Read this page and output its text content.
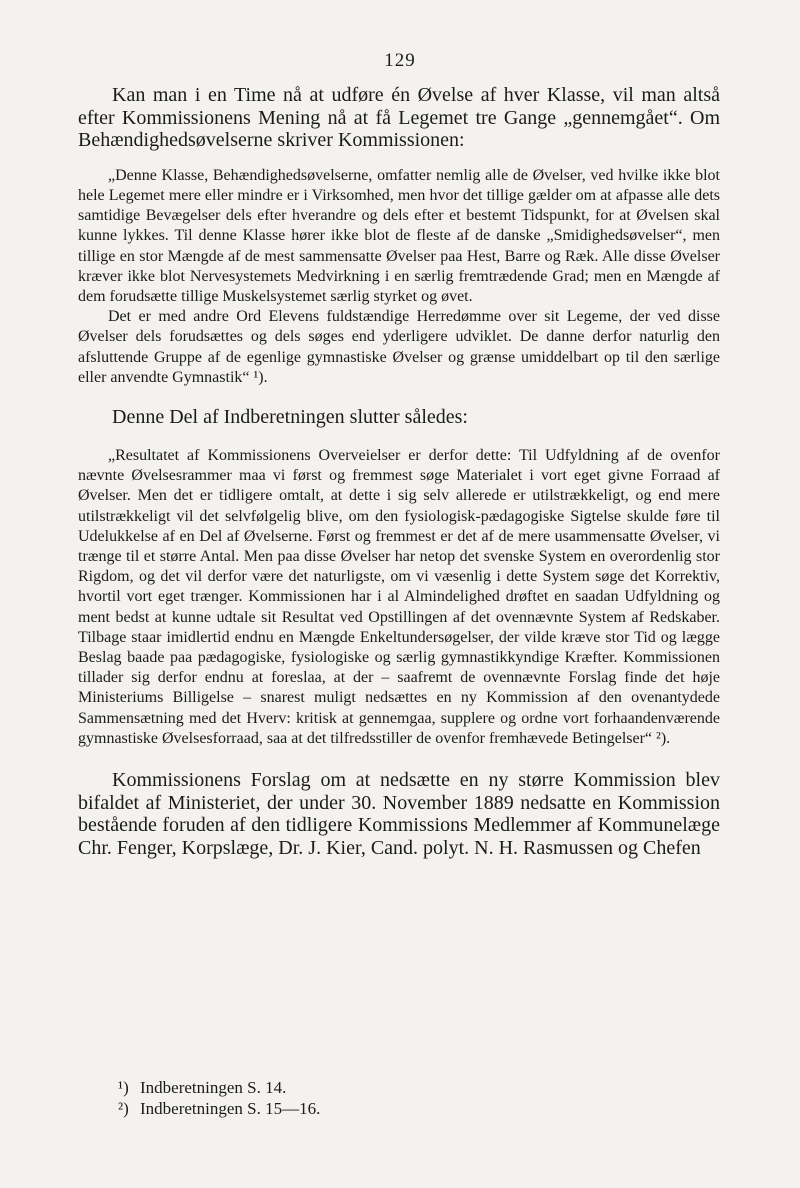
129

Kan man i en Time nå at udføre én Øvelse af hver Klasse, vil man altså efter Kommissionens Mening nå at få Legemet tre Gange „gennemgået“. Om Behændighedsøvelserne skriver Kommissionen:

„Denne Klasse, Behændighedsøvelserne, omfatter nemlig alle de Øvelser, ved hvilke ikke blot hele Legemet mere eller mindre er i Virksomhed, men hvor det tillige gælder om at afpasse alle dets samtidige Bevægelser dels efter hverandre og dels efter et bestemt Tidspunkt, for at Øvelsen skal kunne lykkes. Til denne Klasse hører ikke blot de fleste af de danske „Smidighedsøvelser“, men tillige en stor Mængde af de mest sammensatte Øvelser paa Hest, Barre og Ræk. Alle disse Øvelser kræver ikke blot Nervesystemets Medvirkning i en særlig fremtrædende Grad; men en Mængde af dem forudsætte tillige Muskelsystemet særlig styrket og øvet.

Det er med andre Ord Elevens fuldstændige Herredømme over sit Legeme, der ved disse Øvelser dels forudsættes og dels søges end yderligere udviklet. De danne derfor naturlig den afsluttende Gruppe af de egenlige gymnastiske Øvelser og grænse umiddelbart op til den særlige eller anvendte Gymnastik“ ¹).

Denne Del af Indberetningen slutter således:

„Resultatet af Kommissionens Overveielser er derfor dette: Til Udfyldning af de ovenfor nævnte Øvelsesrammer maa vi først og fremmest søge Materialet i vort eget givne Forraad af Øvelser. Men det er tidligere omtalt, at dette i sig selv allerede er utilstrækkeligt, og end mere utilstrækkeligt vil det selvfølgelig blive, om den fysiologisk-pædagogiske Sigtelse skulde føre til Udelukkelse af en Del af Øvelserne. Først og fremmest er det af de mere usammensatte Øvelser, vi trænge til et større Antal. Men paa disse Øvelser har netop det svenske System en overordenlig stor Rigdom, og det vil derfor være det naturligste, om vi væsenlig i dette System søge det Korrektiv, hvortil vort eget trænger. Kommissionen har i al Almindelighed drøftet en saadan Udfyldning og ment bedst at kunne udtale sit Resultat ved Opstillingen af det ovennævnte System af Redskaber. Tilbage staar imidlertid endnu en Mængde Enkeltundersøgelser, der vilde kræve stor Tid og lægge Beslag baade paa pædagogiske, fysiologiske og særlig gymnastikkyndige Kræfter. Kommissionen tillader sig derfor endnu at foreslaa, at der – saafremt de ovennævnte Forslag finde det høje Ministeriums Billigelse – snarest muligt nedsættes en ny Kommission af den ovenantydede Sammensætning med det Hverv: kritisk at gennemgaa, supplere og ordne vort forhaandenværende gymnastiske Øvelsesforraad, saa at det tilfredsstiller de ovenfor fremhævede Betingelser“ ²).

Kommissionens Forslag om at nedsætte en ny større Kommission blev bifaldet af Ministeriet, der under 30. November 1889 nedsatte en Kommission bestående foruden af den tidligere Kommissions Medlemmer af Kommunelæge Chr. Fenger, Korpslæge, Dr. J. Kier, Cand. polyt. N. H. Rasmussen og Chefen

¹) Indberetningen S. 14.

²) Indberetningen S. 15—16.
